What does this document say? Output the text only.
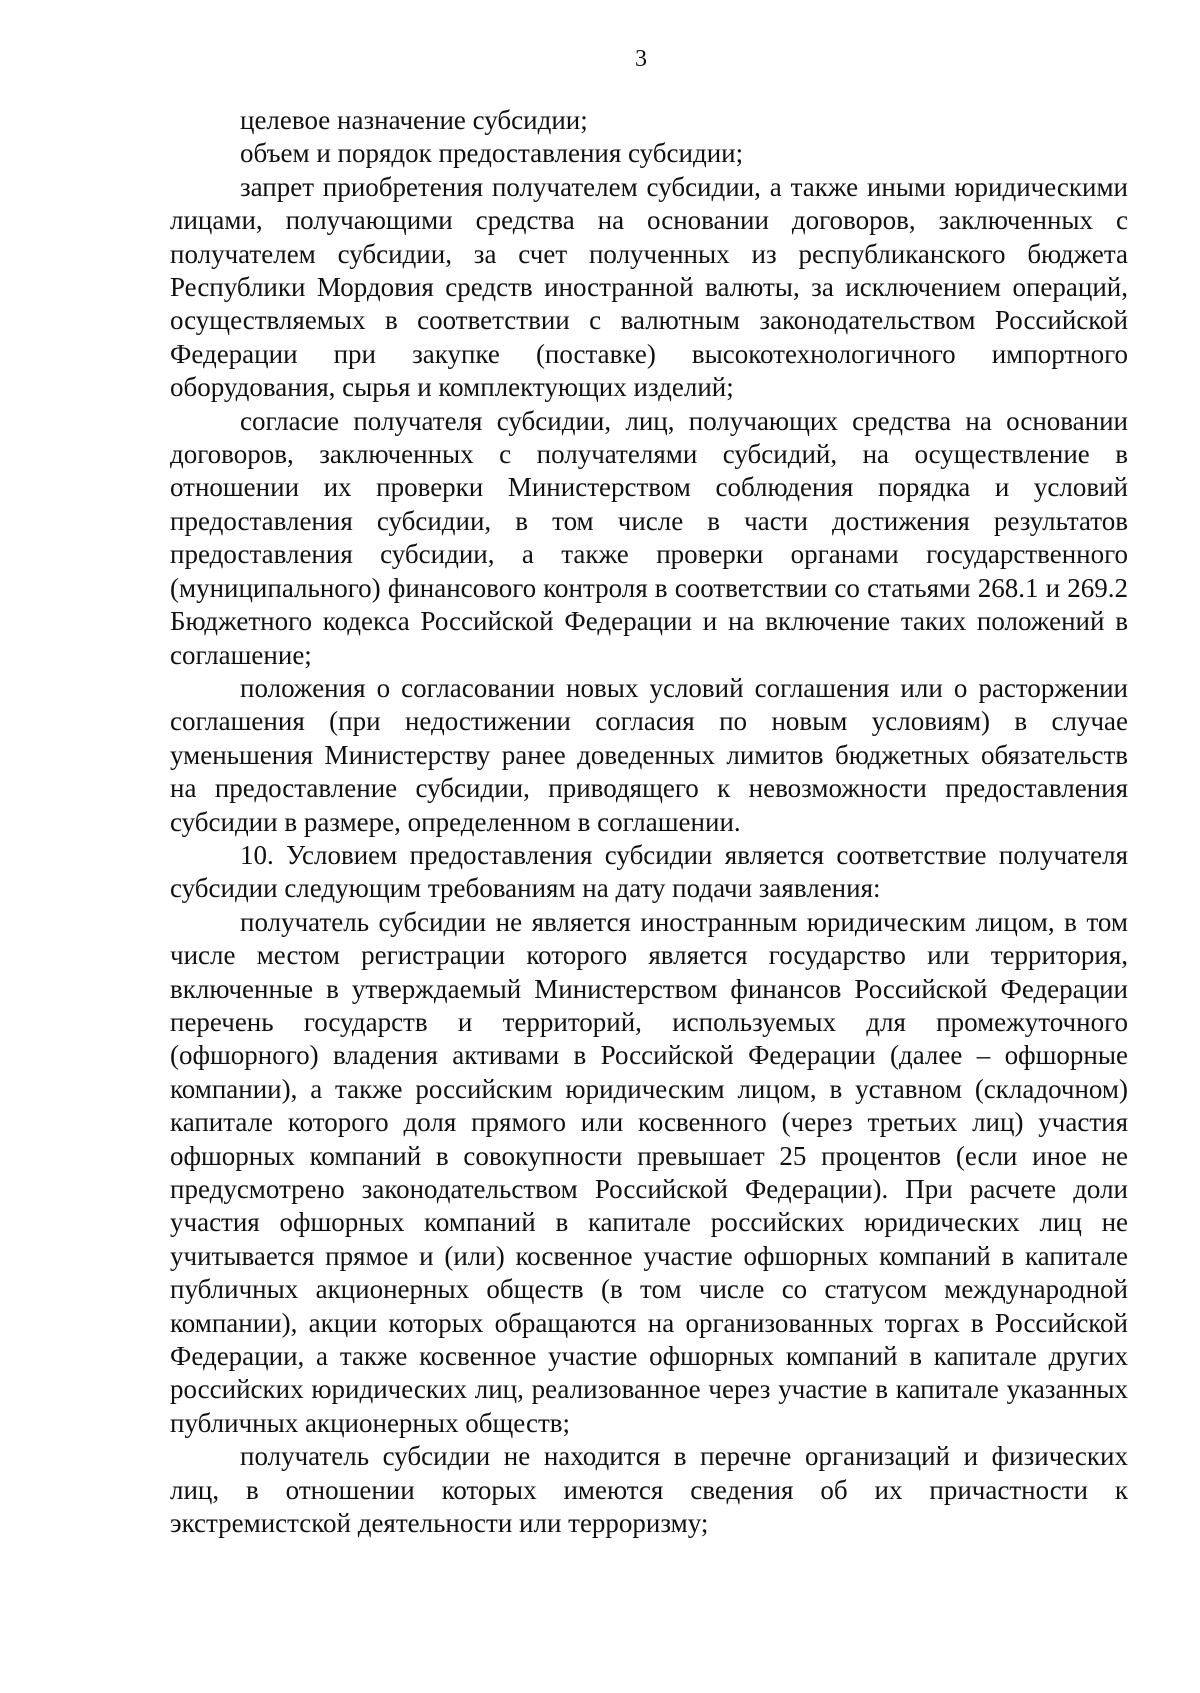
3

целевое назначение субсидии;

объем и порядок предоставления субсидии;

запрет приобретения получателем субсидии, а также иными юридическими лицами, получающими средства на основании договоров, заключенных с получателем субсидии, за счет полученных из республиканского бюджета Республики Мордовия средств иностранной валюты, за исключением операций, осуществляемых в соответствии с валютным законодательством Российской Федерации при закупке (поставке) высокотехнологичного импортного оборудования, сырья и комплектующих изделий;

согласие получателя субсидии, лиц, получающих средства на основании договоров, заключенных с получателями субсидий, на осуществление в отношении их проверки Министерством соблюдения порядка и условий предоставления субсидии, в том числе в части достижения результатов предоставления субсидии, а также проверки органами государственного (муниципального) финансового контроля в соответствии со статьями 268.1 и 269.2 Бюджетного кодекса Российской Федерации и на включение таких положений в соглашение;

положения о согласовании новых условий соглашения или о расторжении соглашения (при недостижении согласия по новым условиям) в случае уменьшения Министерству ранее доведенных лимитов бюджетных обязательств на предоставление субсидии, приводящего к невозможности предоставления субсидии в размере, определенном в соглашении.

10. Условием предоставления субсидии является соответствие получателя субсидии следующим требованиям на дату подачи заявления:

получатель субсидии не является иностранным юридическим лицом, в том числе местом регистрации которого является государство или территория, включенные в утверждаемый Министерством финансов Российской Федерации перечень государств и территорий, используемых для промежуточного (офшорного) владения активами в Российской Федерации (далее – офшорные компании), а также российским юридическим лицом, в уставном (складочном) капитале которого доля прямого или косвенного (через третьих лиц) участия офшорных компаний в совокупности превышает 25 процентов (если иное не предусмотрено законодательством Российской Федерации). При расчете доли участия офшорных компаний в капитале российских юридических лиц не учитывается прямое и (или) косвенное участие офшорных компаний в капитале публичных акционерных обществ (в том числе со статусом международной компании), акции которых обращаются на организованных торгах в Российской Федерации, а также косвенное участие офшорных компаний в капитале других российских юридических лиц, реализованное через участие в капитале указанных публичных акционерных обществ;

получатель субсидии не находится в перечне организаций и физических лиц, в отношении которых имеются сведения об их причастности к экстремистской деятельности или терроризму;
